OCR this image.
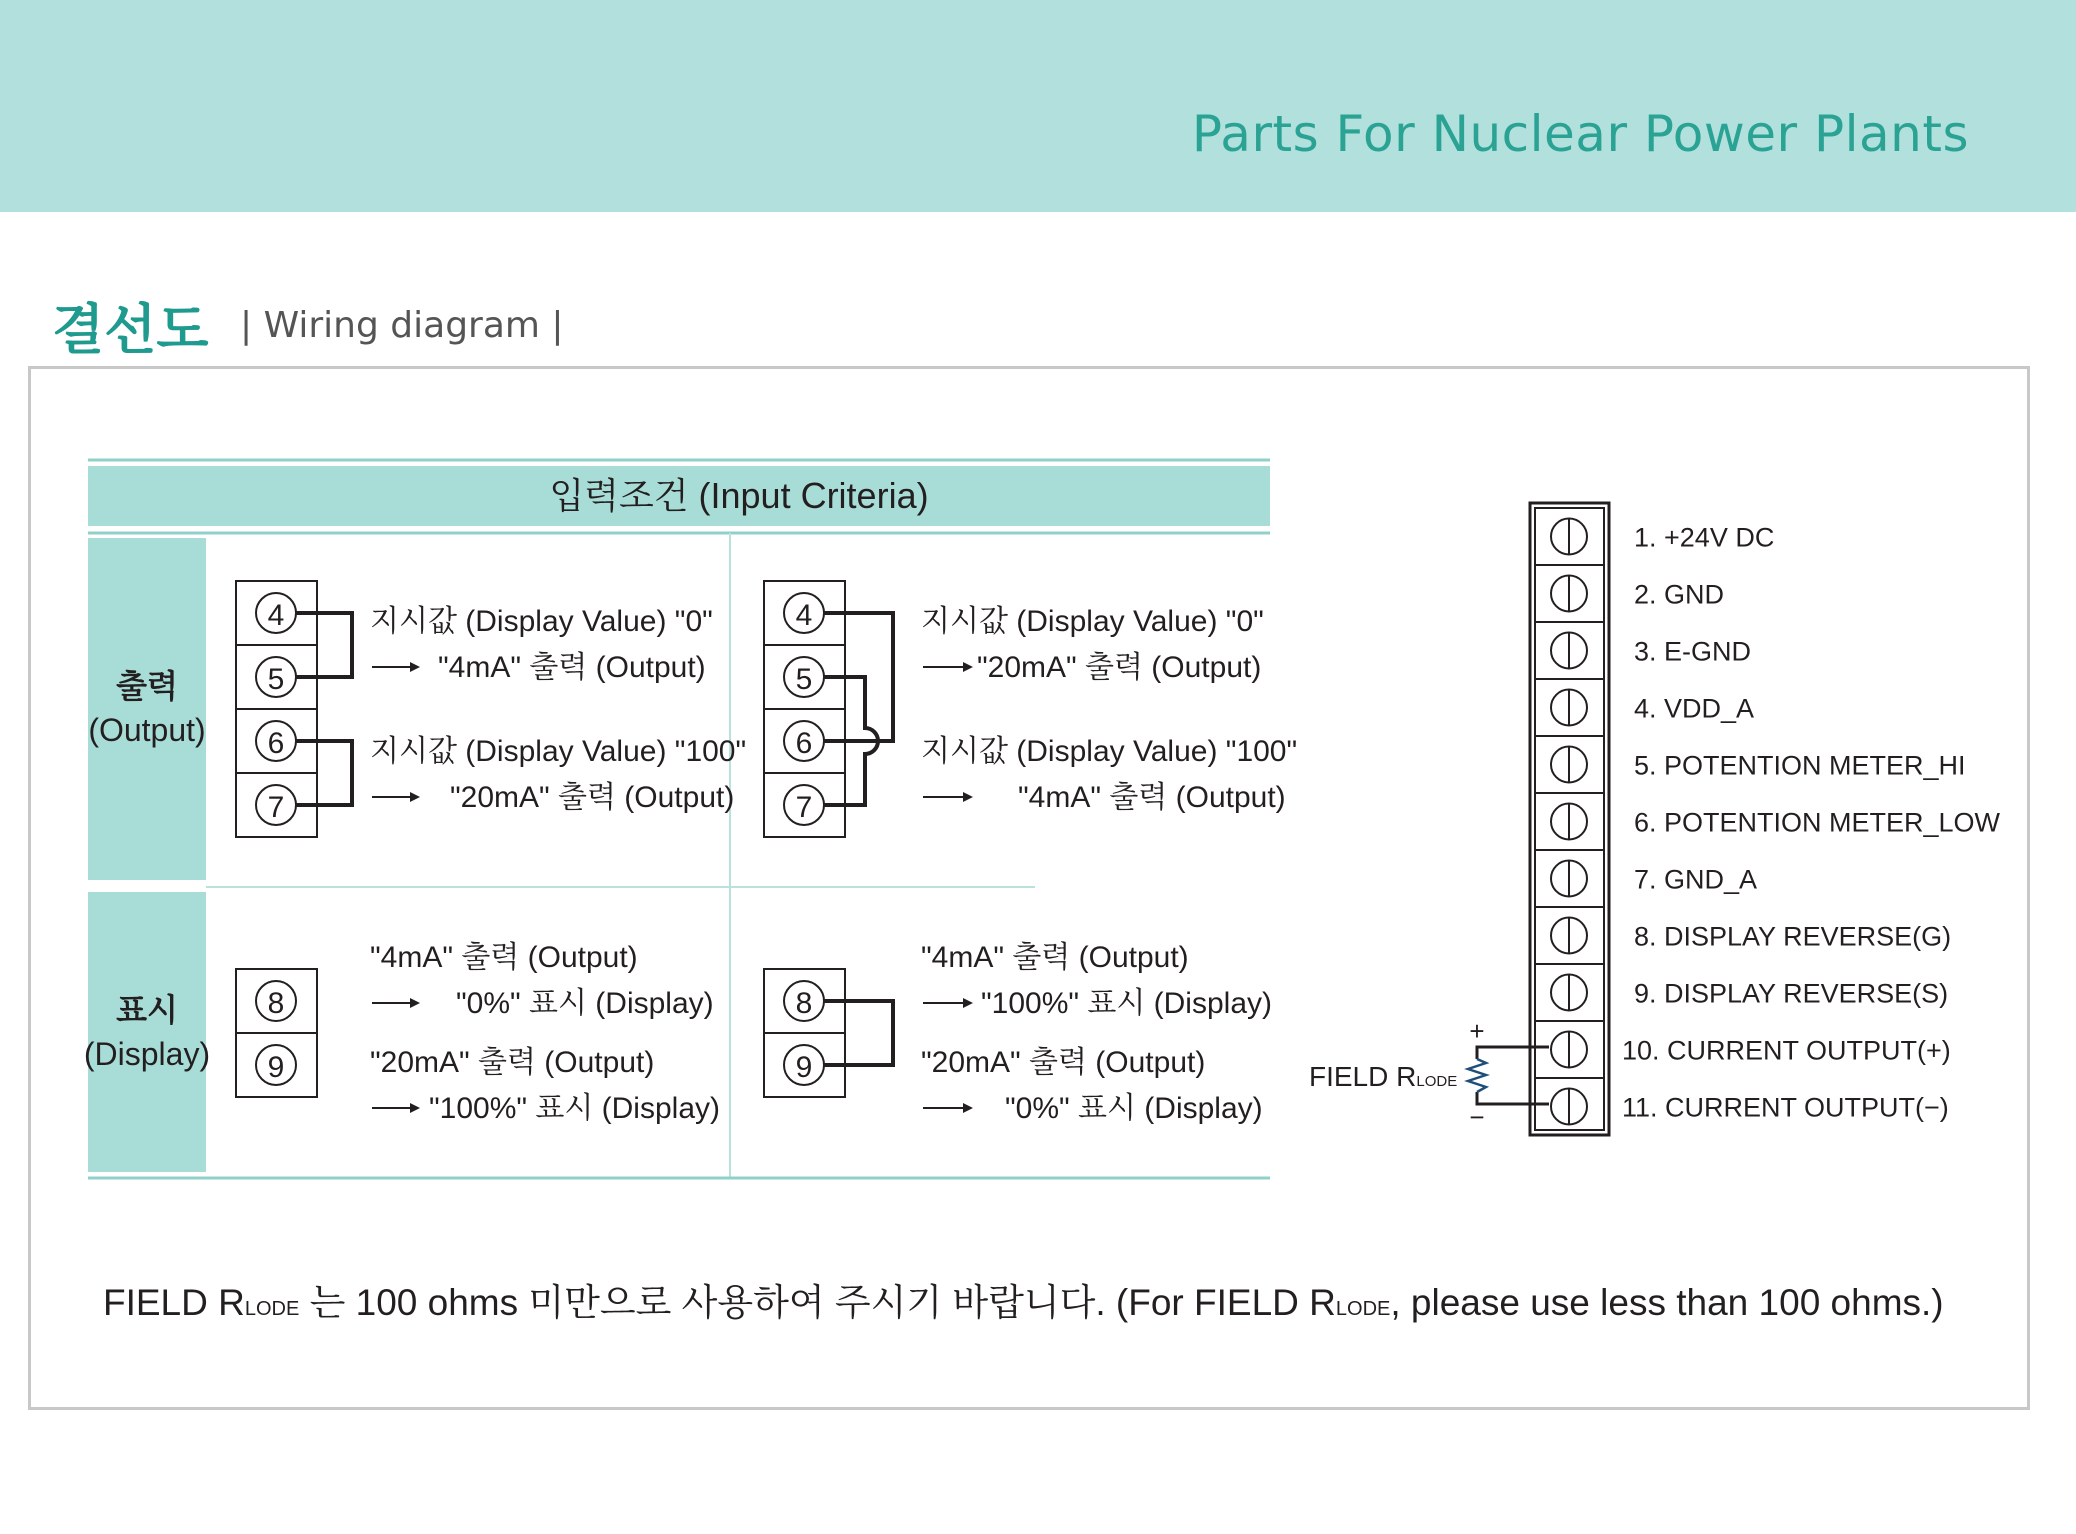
Parts For Nuclear Power Plants
결선도 | Wiring diagram |
입력조건 (Input Criteria)
출력
(Output)
표시
(Display)
4
5
6
7
지시값 (Display Value) "0"
"4mA" 출력 (Output)
지시값 (Display Value) "100"
"20mA" 출력 (Output)
4
5
6
7
지시값 (Display Value) "0"
"20mA" 출력 (Output)
지시값 (Display Value) "100"
"4mA" 출력 (Output)
8
9
"4mA" 출력 (Output)
"0%" 표시 (Display)
"20mA" 출력 (Output)
"100%" 표시 (Display)
8
9
"4mA" 출력 (Output)
"100%" 표시 (Display)
"20mA" 출력 (Output)
"0%" 표시 (Display)
1. +24V DC
2. GND
3. E-GND
4. VDD_A
5. POTENTION METER_HI
6. POTENTION METER_LOW
7. GND_A
8. DISPLAY REVERSE(G)
9. DISPLAY REVERSE(S)
10. CURRENT OUTPUT(+)
11. CURRENT OUTPUT(−)
+
−
FIELD RLODE
FIELD RLODE 는 100 ohms 미만으로 사용하여 주시기 바랍니다. (For FIELD RLODE, please use less than 100 ohms.)
